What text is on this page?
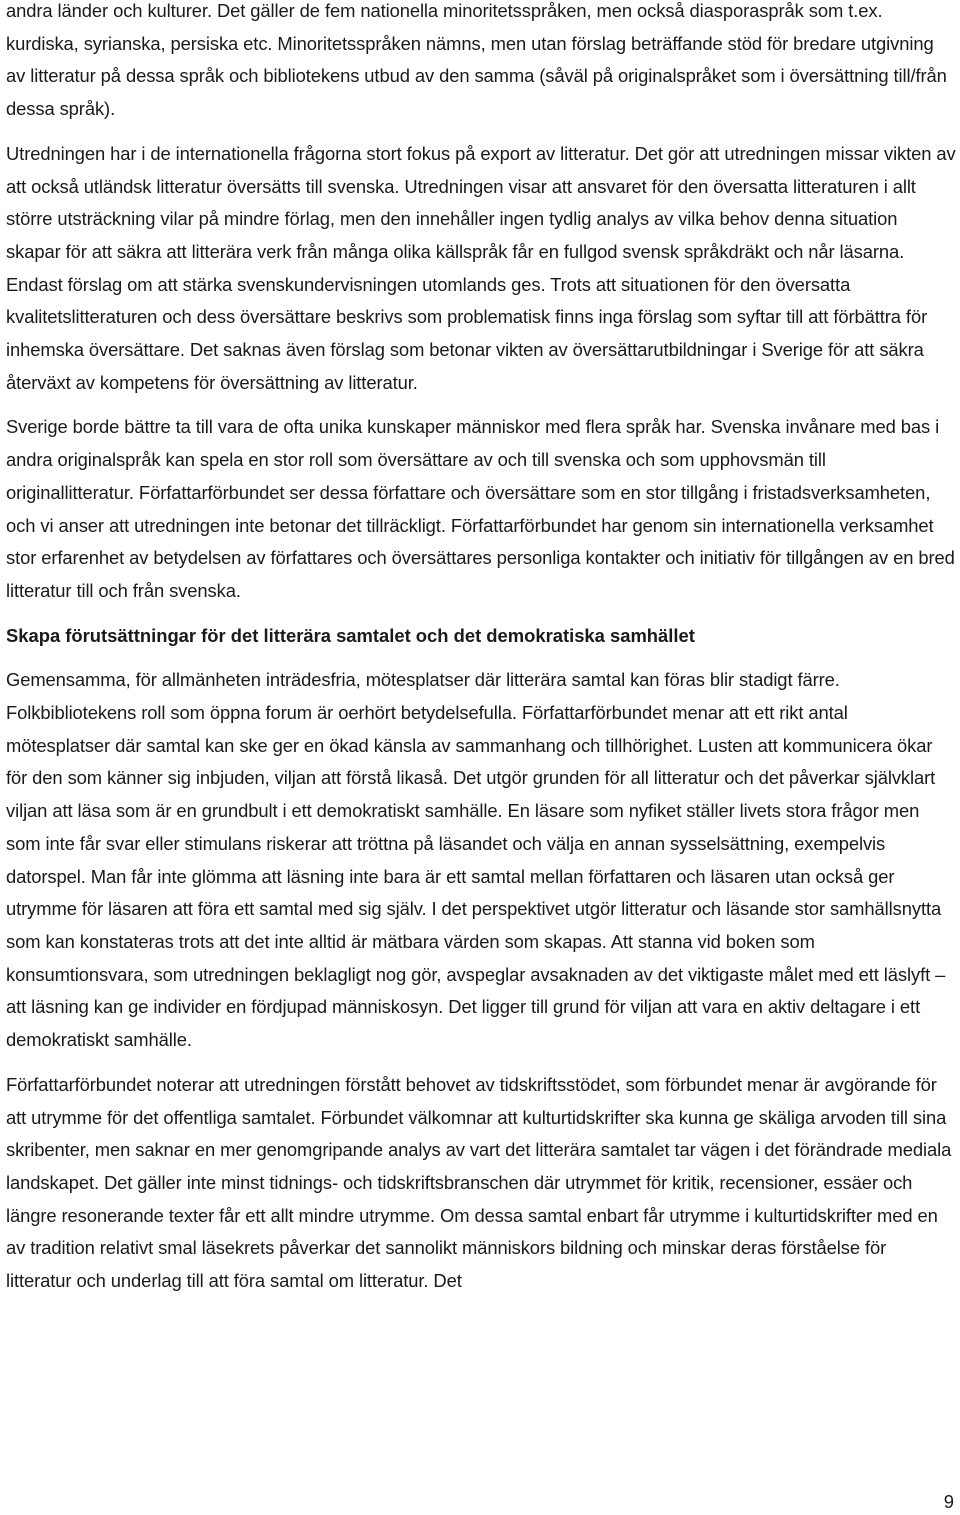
andra länder och kulturer. Det gäller de fem nationella minoritetsspråken, men också diasporaspråk som t.ex. kurdiska, syrianska, persiska etc. Minoritetsspråken nämns, men utan förslag beträffande stöd för bredare utgivning av litteratur på dessa språk och bibliotekens utbud av den samma (såväl på originalspråket som i översättning till/från dessa språk).

Utredningen har i de internationella frågorna stort fokus på export av litteratur. Det gör att utredningen missar vikten av att också utländsk litteratur översätts till svenska. Utredningen visar att ansvaret för den översatta litteraturen i allt större utsträckning vilar på mindre förlag, men den innehåller ingen tydlig analys av vilka behov denna situation skapar för att säkra att litterära verk från många olika källspråk får en fullgod svensk språkdräkt och når läsarna. Endast förslag om att stärka svenskundervisningen utomlands ges. Trots att situationen för den översatta kvalitetslitteraturen och dess översättare beskrivs som problematisk finns inga förslag som syftar till att förbättra för inhemska översättare. Det saknas även förslag som betonar vikten av översättarutbildningar i Sverige för att säkra återväxt av kompetens för översättning av litteratur.

Sverige borde bättre ta till vara de ofta unika kunskaper människor med flera språk har. Svenska invånare med bas i andra originalspråk kan spela en stor roll som översättare av och till svenska och som upphovsmän till originallitteratur. Författarförbundet ser dessa författare och översättare som en stor tillgång i fristadsverksamheten, och vi anser att utredningen inte betonar det tillräckligt. Författarförbundet har genom sin internationella verksamhet stor erfarenhet av betydelsen av författares och översättares personliga kontakter och initiativ för tillgången av en bred litteratur till och från svenska.

Skapa förutsättningar för det litterära samtalet och det demokratiska samhället

Gemensamma, för allmänheten inträdesfria, mötesplatser där litterära samtal kan föras blir stadigt färre. Folkbibliotekens roll som öppna forum är oerhört betydelsefulla. Författarförbundet menar att ett rikt antal mötesplatser där samtal kan ske ger en ökad känsla av sammanhang och tillhörighet. Lusten att kommunicera ökar för den som känner sig inbjuden, viljan att förstå likaså. Det utgör grunden för all litteratur och det påverkar självklart viljan att läsa som är en grundbult i ett demokratiskt samhälle. En läsare som nyfiket ställer livets stora frågor men som inte får svar eller stimulans riskerar att tröttna på läsandet och välja en annan sysselsättning, exempelvis datorspel. Man får inte glömma att läsning inte bara är ett samtal mellan författaren och läsaren utan också ger utrymme för läsaren att föra ett samtal med sig själv. I det perspektivet utgör litteratur och läsande stor samhällsnytta som kan konstateras trots att det inte alltid är mätbara värden som skapas. Att stanna vid boken som konsumtionsvara, som utredningen beklagligt nog gör, avspeglar avsaknaden av det viktigaste målet med ett läslyft – att läsning kan ge individer en fördjupad människosyn. Det ligger till grund för viljan att vara en aktiv deltagare i ett demokratiskt samhälle.

Författarförbundet noterar att utredningen förstått behovet av tidskriftsstödet, som förbundet menar är avgörande för att utrymme för det offentliga samtalet. Förbundet välkomnar att kulturtidskrifter ska kunna ge skäliga arvoden till sina skribenter, men saknar en mer genomgripande analys av vart det litterära samtalet tar vägen i det förändrade mediala landskapet. Det gäller inte minst tidnings- och tidskriftsbranschen där utrymmet för kritik, recensioner, essäer och längre resonerande texter får ett allt mindre utrymme. Om dessa samtal enbart får utrymme i kulturtidskrifter med en av tradition relativt smal läsekrets påverkar det sannolikt människors bildning och minskar deras förståelse för litteratur och underlag till att föra samtal om litteratur. Det

9
